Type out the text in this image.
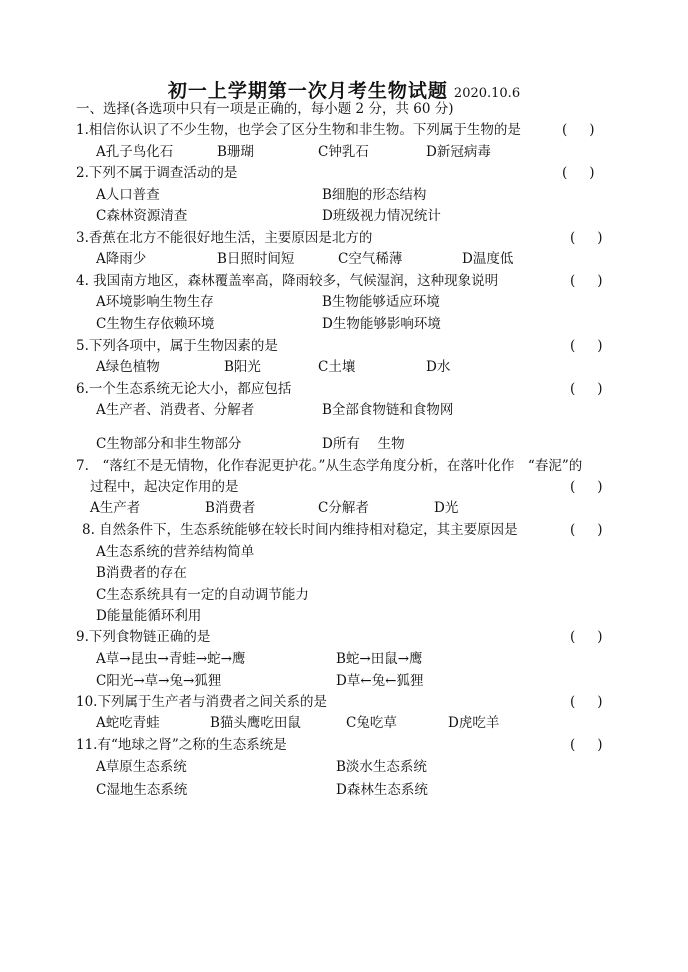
初一上学期第一次月考生物试题 2020.10.6
一、选择(各选项中只有一项是正确的，每小题 2 分，共 60 分)
1.相信你认识了不少生物，也学会了区分生物和非生物。下列属于生物的是	( )
A孔子鸟化石	B珊瑚	C钟乳石	D新冠病毒
2.下列不属于调查活动的是	( )
A人口普查	B细胞的形态结构
C森林资源清查	D班级视力情况统计
3.香蕉在北方不能很好地生活，主要原因是北方的	( )
A降雨少	B日照时间短	C空气稀薄	D温度低
4. 我国南方地区，森林覆盖率高，降雨较多，气候湿润，这种现象说明	( )
A环境影响生物生存	B生物能够适应环境
C生物生存依赖环境	D生物能够影响环境
5.下列各项中，属于生物因素的是	( )
A绿色植物	B阳光	C土壤	D水
6.一个生态系统无论大小，都应包括	( )
A生产者、消费者、分解者	B全部食物链和食物网
C生物部分和非生物部分	D所有　 生物
7.　“落红不是无情物，化作春泥更护花。”从生态学角度分析，在落叶化作　“春泥”的
过程中，起决定作用的是	( )
A生产者	B消费者	C分解者	D光
8. 自然条件下，生态系统能够在较长时间内维持相对稳定，其主要原因是	( )
A生态系统的营养结构简单
B消费者的存在
C生态系统具有一定的自动调节能力
D能量能循环利用
9.下列食物链正确的是	( )
A草→昆虫→青蛙→蛇→鹰	B蛇→田鼠→鹰
C阳光→草→兔→狐狸	D草←兔←狐狸
10.下列属于生产者与消费者之间关系的是	( )
A蛇吃青蛙	B猫头鹰吃田鼠	C兔吃草	D虎吃羊
11.有“地球之肾”之称的生态系统是	( )
A草原生态系统	B淡水生态系统
C湿地生态系统	D森林生态系统
